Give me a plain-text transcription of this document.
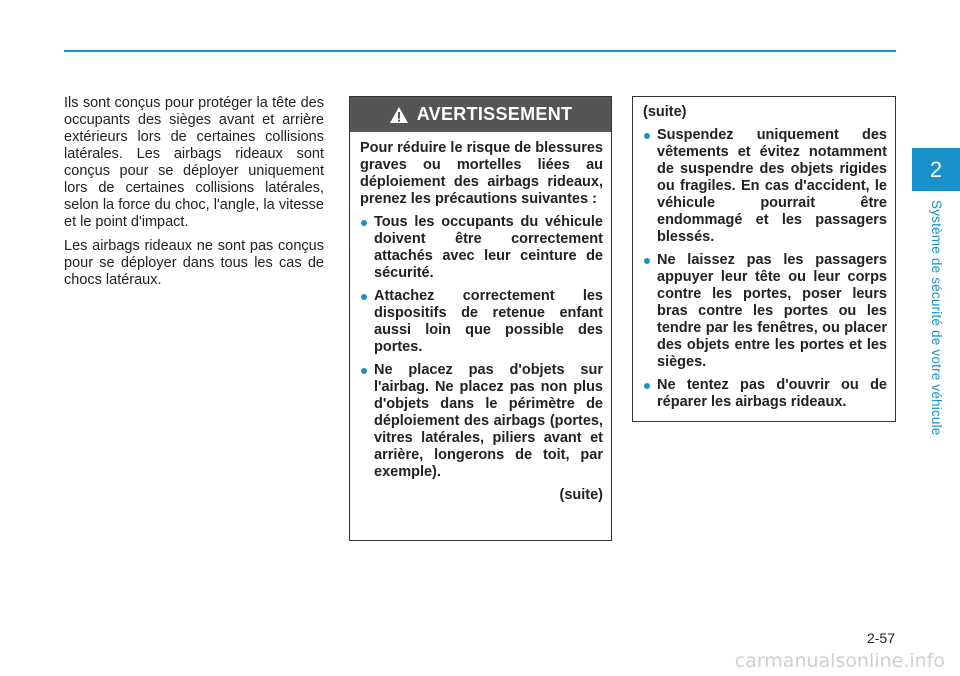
Ils sont conçus pour protéger la tête des occupants des sièges avant et arrière extérieurs lors de certaines collisions latérales. Les airbags rideaux sont conçus pour se déployer uniquement lors de certaines collisions latérales, selon la force du choc, l'angle, la vitesse et le point d'impact.

Les airbags rideaux ne sont pas conçus pour se déployer dans tous les cas de chocs latéraux.

AVERTISSEMENT

Pour réduire le risque de blessures graves ou mortelles liées au déploiement des airbags rideaux, prenez les précautions suivantes :

Tous les occupants du véhicule doivent être correctement attachés avec leur ceinture de sécurité.
Attachez correctement les dispositifs de retenue enfant aussi loin que possible des portes.
Ne placez pas d'objets sur l'airbag. Ne placez pas non plus d'objets dans le périmètre de déploiement des airbags (portes, vitres latérales, piliers avant et arrière, longerons de toit, par exemple).
(suite)
(suite)
Suspendez uniquement des vêtements et évitez notamment de suspendre des objets rigides ou fragiles. En cas d'accident, le véhicule pourrait être endommagé et les passagers blessés.
Ne laissez pas les passagers appuyer leur tête ou leur corps contre les portes, poser leurs bras contre les portes ou les tendre par les fenêtres, ou placer des objets entre les portes et les sièges.
Ne tentez pas d'ouvrir ou de réparer les airbags rideaux.
2
Système de sécurité de votre véhicule
2-57
carmanualsonline.info
